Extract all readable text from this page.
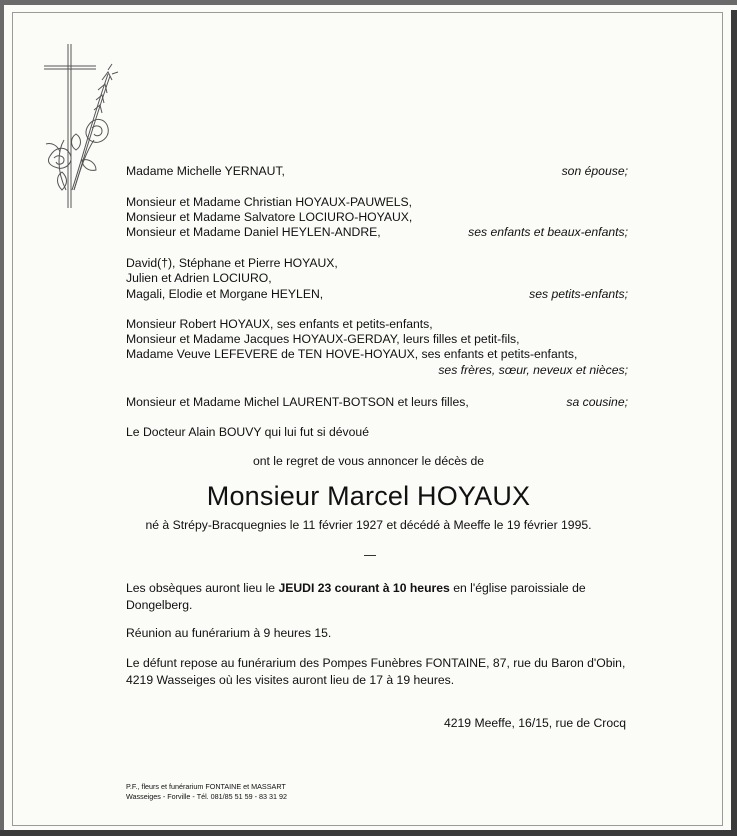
Madame Michelle YERNAUT,	son épouse;
Monsieur et Madame Christian HOYAUX-PAUWELS,
Monsieur et Madame Salvatore LOCIURO-HOYAUX,
Monsieur et Madame Daniel HEYLEN-ANDRE,	ses enfants et beaux-enfants;
David(†), Stéphane et Pierre HOYAUX,
Julien et Adrien LOCIURO,
Magali, Elodie et Morgane HEYLEN,	ses petits-enfants;
Monsieur Robert HOYAUX, ses enfants et petits-enfants,
Monsieur et Madame Jacques HOYAUX-GERDAY, leurs filles et petit-fils,
Madame Veuve LEFEVERE de TEN HOVE-HOYAUX, ses enfants et petits-enfants,
ses frères, sœur, neveux et nièces;
Monsieur et Madame Michel LAURENT-BOTSON et leurs filles,	sa cousine;
Le Docteur Alain BOUVY qui lui fut si dévoué
ont le regret de vous annoncer le décès de
Monsieur Marcel HOYAUX
né à Strépy-Bracquegnies le 11 février 1927 et décédé à Meeffe le 19 février 1995.
Les obsèques auront lieu le JEUDI 23 courant à 10 heures en l'église paroissiale de Dongelberg.
Réunion au funérarium à 9 heures 15.
Le défunt repose au funérarium des Pompes Funèbres FONTAINE, 87, rue du Baron d'Obin, 4219 Wasseiges où les visites auront lieu de 17 à 19 heures.
4219 Meeffe, 16/15, rue de Crocq
P.F., fleurs et funérarium FONTAINE et MASSART
Wasseiges - Forville - Tél. 081/85 51 59 - 83 31 92
